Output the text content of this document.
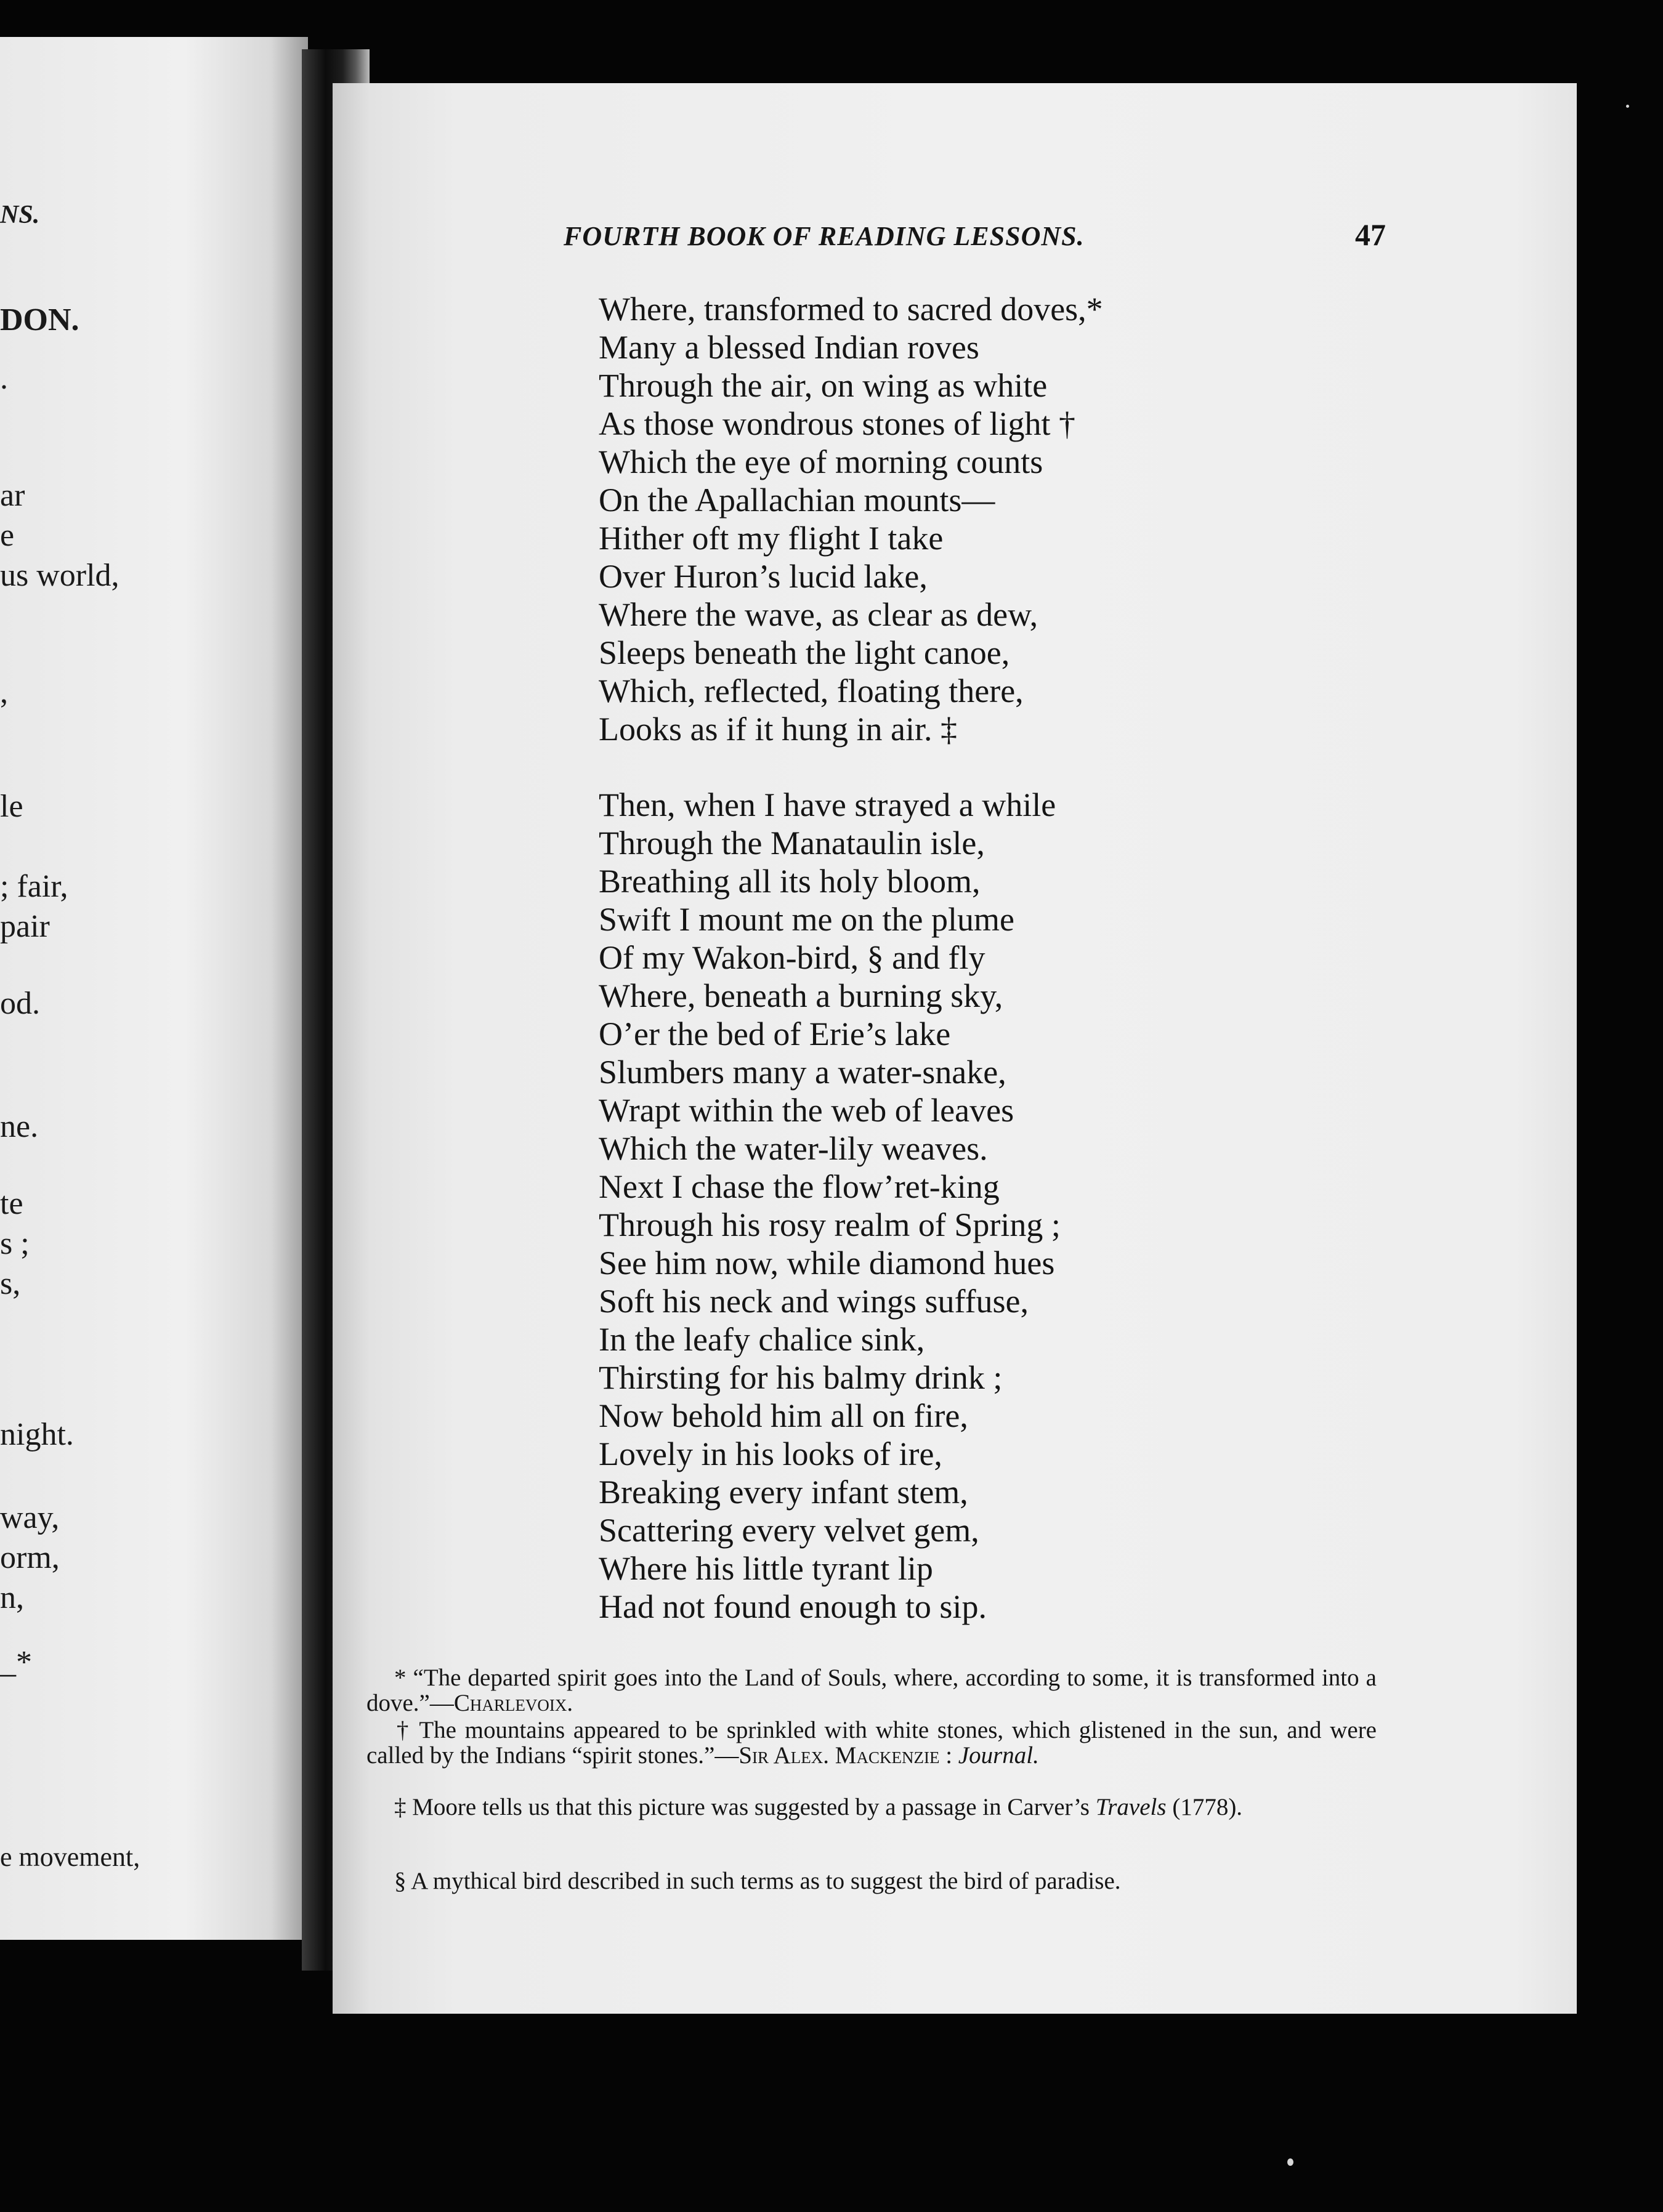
NS.
DON.
.
ar
e
us world,
,
le
; fair,
pair
od.
ne.
te
s ;
s,
night.
way,
orm,
n,
_*
e movement,
FOURTH BOOK OF READING LESSONS.	47
Where, transformed to sacred doves,*
Many a blessed Indian roves
Through the air, on wing as white
As those wondrous stones of light †
Which the eye of morning counts
On the Apallachian mounts—
Hither oft my flight I take
Over Huron’s lucid lake,
Where the wave, as clear as dew,
Sleeps beneath the light canoe,
Which, reflected, floating there,
Looks as if it hung in air. ‡
Then, when I have strayed a while
Through the Manataulin isle,
Breathing all its holy bloom,
Swift I mount me on the plume
Of my Wakon-bird, § and fly
Where, beneath a burning sky,
O’er the bed of Erie’s lake
Slumbers many a water-snake,
Wrapt within the web of leaves
Which the water-lily weaves.
Next I chase the flow’ret-king
Through his rosy realm of Spring ;
See him now, while diamond hues
Soft his neck and wings suffuse,
In the leafy chalice sink,
Thirsting for his balmy drink ;
Now behold him all on fire,
Lovely in his looks of ire,
Breaking every infant stem,
Scattering every velvet gem,
Where his little tyrant lip
Had not found enough to sip.
* “The departed spirit goes into the Land of Souls, where, according to some, it is transformed into a dove.”—Charlevoix.
† The mountains appeared to be sprinkled with white stones, which glistened in the sun, and were called by the Indians “spirit stones.”—Sir Alex. Mackenzie : Journal.
‡ Moore tells us that this picture was suggested by a passage in Carver’s Travels (1778).
§ A mythical bird described in such terms as to suggest the bird of paradise.
